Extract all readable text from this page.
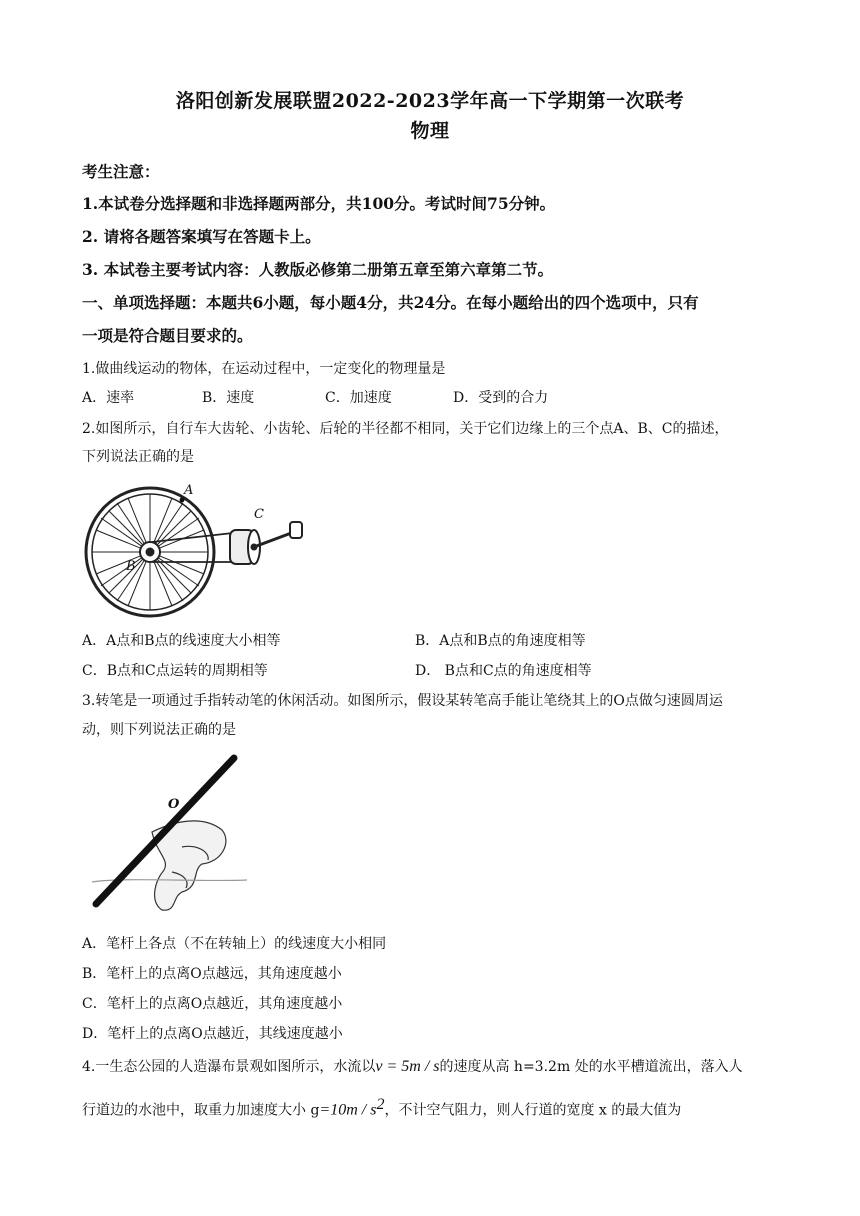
洛阳创新发展联盟2022-2023学年高一下学期第一次联考
物理
考生注意：
1.本试卷分选择题和非选择题两部分，共100分。考试时间75分钟。
2. 请将各题答案填写在答题卡上。
3. 本试卷主要考试内容：人教版必修第二册第五章至第六章第二节。
一、单项选择题：本题共6小题，每小题4分，共24分。在每小题给出的四个选项中，只有
一项是符合题目要求的。
1.做曲线运动的物体，在运动过程中，一定变化的物理量是
A．速率	B．速度	C．加速度	D．受到的合力
2.如图所示，自行车大齿轮、小齿轮、后轮的半径都不相同，关于它们边缘上的三个点A、B、C的描述，
下列说法正确的是
A
C
B
A．A点和B点的线速度大小相等	B．A点和B点的角速度相等
C．B点和C点运转的周期相等	D． B点和C点的角速度相等
3.转笔是一项通过手指转动笔的休闲活动。如图所示，假设某转笔高手能让笔绕其上的O点做匀速圆周运
动，则下列说法正确的是
O
A．笔杆上各点（不在转轴上）的线速度大小相同
B．笔杆上的点离O点越远，其角速度越小
C．笔杆上的点离O点越近，其角速度越小
D．笔杆上的点离O点越近，其线速度越小
4.一生态公园的人造瀑布景观如图所示，水流以v = 5m / s的速度从高 h=3.2m 处的水平槽道流出，落入人
行道边的水池中，取重力加速度大小 $g=10m / s^2$，不计空气阻力，则人行道的宽度 x 的最大值为
